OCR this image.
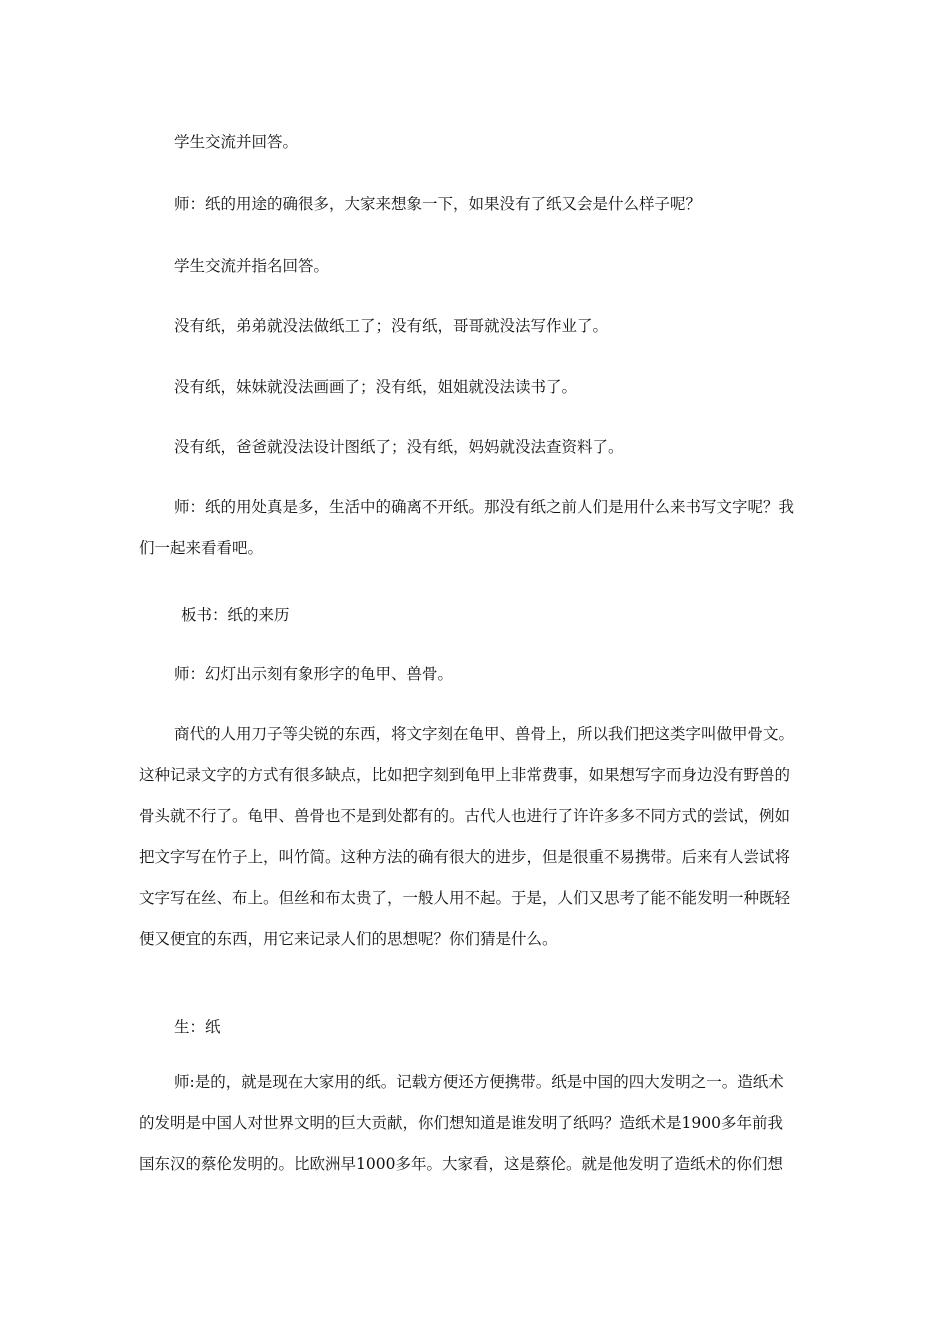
学生交流并回答。

师：纸的用途的确很多，大家来想象一下，如果没有了纸又会是什么样子呢？

学生交流并指名回答。

没有纸，弟弟就没法做纸工了；没有纸，哥哥就没法写作业了。

没有纸，妹妹就没法画画了；没有纸，姐姐就没法读书了。

没有纸，爸爸就没法设计图纸了；没有纸，妈妈就没法查资料了。

师：纸的用处真是多，生活中的确离不开纸。那没有纸之前人们是用什么来书写文字呢？我
们一起来看看吧。

板书：纸的来历

师：幻灯出示刻有象形字的龟甲、兽骨。

商代的人用刀子等尖锐的东西，将文字刻在龟甲、兽骨上，所以我们把这类字叫做甲骨文。
这种记录文字的方式有很多缺点，比如把字刻到龟甲上非常费事，如果想写字而身边没有野兽的
骨头就不行了。龟甲、兽骨也不是到处都有的。古代人也进行了许许多多不同方式的尝试，例如
把文字写在竹子上，叫竹简。这种方法的确有很大的进步，但是很重不易携带。后来有人尝试将
文字写在丝、布上。但丝和布太贵了，一般人用不起。于是，人们又思考了能不能发明一种既轻
便又便宜的东西，用它来记录人们的思想呢？你们猜是什么。

生：纸

师:是的，就是现在大家用的纸。记载方便还方便携带。纸是中国的四大发明之一。造纸术
的发明是中国人对世界文明的巨大贡献，你们想知道是谁发明了纸吗？造纸术是1900多年前我
国东汉的蔡伦发明的。比欧洲早1000多年。大家看，这是蔡伦。就是他发明了造纸术的你们想
